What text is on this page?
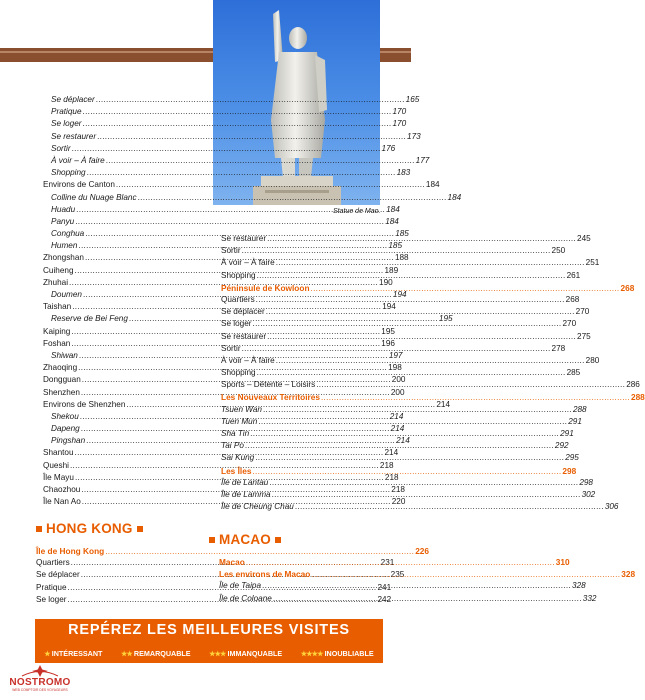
© AUTEUR'S IMAGE
Statue de Mao.
Se déplacer .....	165
Pratique .....	170
Se loger .....	170
Se restaurer .....	173
Sortir .....	176
À voir – À faire .....	177
Shopping .....	183
Environs de Canton .....	184
Colline du Nuage Blanc .....	184
Huadu .....	184
Panyu .....	184
Conghua .....	185
Humen .....	185
Zhongshan .....	188
Cuiheng .....	189
Zhuhai .....	190
Doumen .....	194
Taishan .....	194
Reserve de Bei Feng .....	195
Kaiping .....	195
Foshan .....	196
Shiwan .....	197
Zhaoqing .....	198
Dongguan .....	200
Shenzhen .....	200
Environs de Shenzhen .....	214
Shekou .....	214
Dapeng .....	214
Pingshan .....	214
Shantou .....	214
Queshi .....	218
Île Mayu .....	218
Chaozhou .....	218
Île Nan Ao .....	220
HONG KONG
Île de Hong Kong .....	226
Quartiers .....	231
Se déplacer .....	235
Pratique .....	241
Se loger .....	242
Se restaurer .....	245
Sortir .....	250
À voir – À faire .....	251
Shopping .....	261
Péninsule de Kowloon .....	268
Quartiers .....	268
Se déplacer .....	270
Se loger .....	270
Se restaurer .....	275
Sortir .....	278
À voir – À faire .....	280
Shopping .....	285
Sports – Détente – Loisirs .....	286
Les Nouveaux Territoires .....	288
Tsuen Wan .....	288
Tuen Mun .....	291
Sha Tin .....	291
Tai Po .....	292
Sai Kung .....	295
Les Îles .....	298
Île de Lantau .....	298
Île de Lamma .....	302
Île de Cheung Chau .....	306
MACAO
Macao .....	310
Les environs de Macao .....	328
Île de Taipa .....	328
Île de Coloane .....	332
REPÉREZ LES MEILLEURES VISITES
★ INTÉRESSANT	★★ REMARQUABLE	★★★ IMMANQUABLE	★★★★ INOUBLIABLE
NOSTROMO
WEB COMPTOIR DES VOYAGEURS
